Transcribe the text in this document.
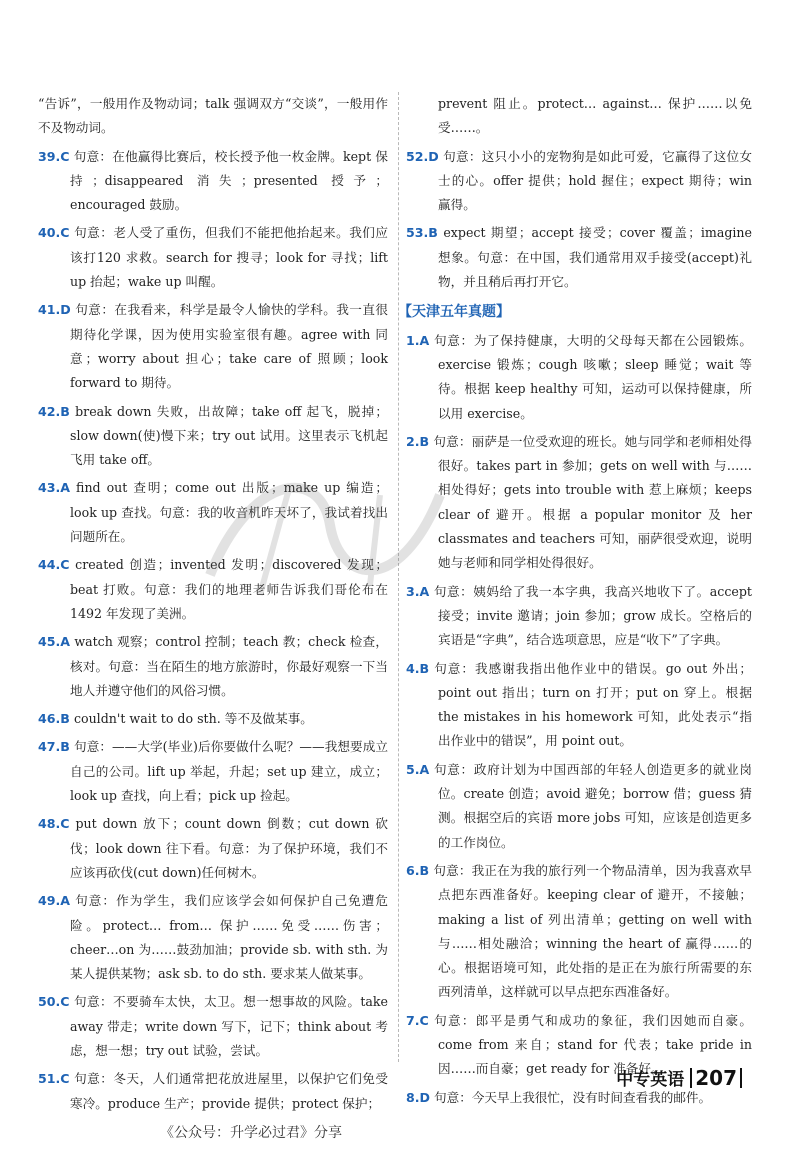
“告诉”，一般用作及物动词；talk 强调双方“交谈”，一般用作不及物动词。

39.C 句意：在他赢得比赛后，校长授予他一枚金牌。kept 保持；disappeared 消失；presented 授予；encouraged 鼓励。

40.C 句意：老人受了重伤，但我们不能把他抬起来。我们应该打120 求救。search for 搜寻；look for 寻找；lift up 抬起；wake up 叫醒。

41.D 句意：在我看来，科学是最令人愉快的学科。我一直很期待化学课，因为使用实验室很有趣。agree with 同意；worry about 担心；take care of 照顾；look forward to 期待。

42.B break down 失败，出故障；take off 起飞，脱掉；slow down(使)慢下来；try out 试用。这里表示飞机起飞用 take off。

43.A find out 查明；come out 出版；make up 编造；look up 查找。句意：我的收音机昨天坏了，我试着找出问题所在。

44.C created 创造；invented 发明；discovered 发现；beat 打败。句意：我们的地理老师告诉我们哥伦布在 1492 年发现了美洲。

45.A watch 观察；control 控制；teach 教；check 检查，核对。句意：当在陌生的地方旅游时，你最好观察一下当地人并遵守他们的风俗习惯。

46.B couldn't wait to do sth. 等不及做某事。

47.B 句意：——大学(毕业)后你要做什么呢？——我想要成立自己的公司。lift up 举起，升起；set up 建立，成立；look up 查找，向上看；pick up 捡起。

48.C put down 放下；count down 倒数；cut down 砍伐；look down 往下看。句意：为了保护环境，我们不应该再砍伐(cut down)任何树木。

49.A 句意：作为学生，我们应该学会如何保护自己免遭危险。protect… from… 保护……免受……伤害；cheer…on 为……鼓劲加油；provide sb. with sth. 为某人提供某物；ask sb. to do sth. 要求某人做某事。

50.C 句意：不要骑车太快，太卫。想一想事故的风险。take away 带走；write down 写下，记下；think about 考虑，想一想；try out 试验，尝试。

51.C 句意：冬天，人们通常把花放进屋里，以保护它们免受寒冷。produce 生产；provide 提供；protect 保护；

prevent 阻止。protect… against… 保护……以免受……。

52.D 句意：这只小小的宠物狗是如此可爱，它赢得了这位女士的心。offer 提供；hold 握住；expect 期待；win 赢得。

53.B expect 期望；accept 接受；cover 覆盖；imagine 想象。句意：在中国，我们通常用双手接受(accept)礼物，并且稍后再打开它。

【天津五年真题】

1.A 句意：为了保持健康，大明的父母每天都在公园锻炼。exercise 锻炼；cough 咳嗽；sleep 睡觉；wait 等待。根据 keep healthy 可知，运动可以保持健康，所以用 exercise。

2.B 句意：丽萨是一位受欢迎的班长。她与同学和老师相处得很好。takes part in 参加；gets on well with 与……相处得好；gets into trouble with 惹上麻烦；keeps clear of 避开。根据 a popular monitor 及 her classmates and teachers 可知，丽萨很受欢迎，说明她与老师和同学相处得很好。

3.A 句意：姨妈给了我一本字典，我高兴地收下了。accept 接受；invite 邀请；join 参加；grow 成长。空格后的宾语是“字典”，结合选项意思，应是“收下”了字典。

4.B 句意：我感谢我指出他作业中的错误。go out 外出；point out 指出；turn on 打开；put on 穿上。根据 the mistakes in his homework 可知，此处表示“指出作业中的错误”，用 point out。

5.A 句意：政府计划为中国西部的年轻人创造更多的就业岗位。create 创造；avoid 避免；borrow 借；guess 猜测。根据空后的宾语 more jobs 可知，应该是创造更多的工作岗位。

6.B 句意：我正在为我的旅行列一个物品清单，因为我喜欢早点把东西准备好。keeping clear of 避开，不接触；making a list of 列出清单；getting on well with 与……相处融洽；winning the heart of 赢得……的心。根据语境可知，此处指的是正在为旅行所需要的东西列清单，这样就可以早点把东西准备好。

7.C 句意：郎平是勇气和成功的象征，我们因她而自豪。come from 来自；stand for 代表；take pride in 因……而自豪；get ready for 准备好。

8.D 句意：今天早上我很忙，没有时间查看我的邮件。

中专英语 207
《公众号：升学必过君》分享
